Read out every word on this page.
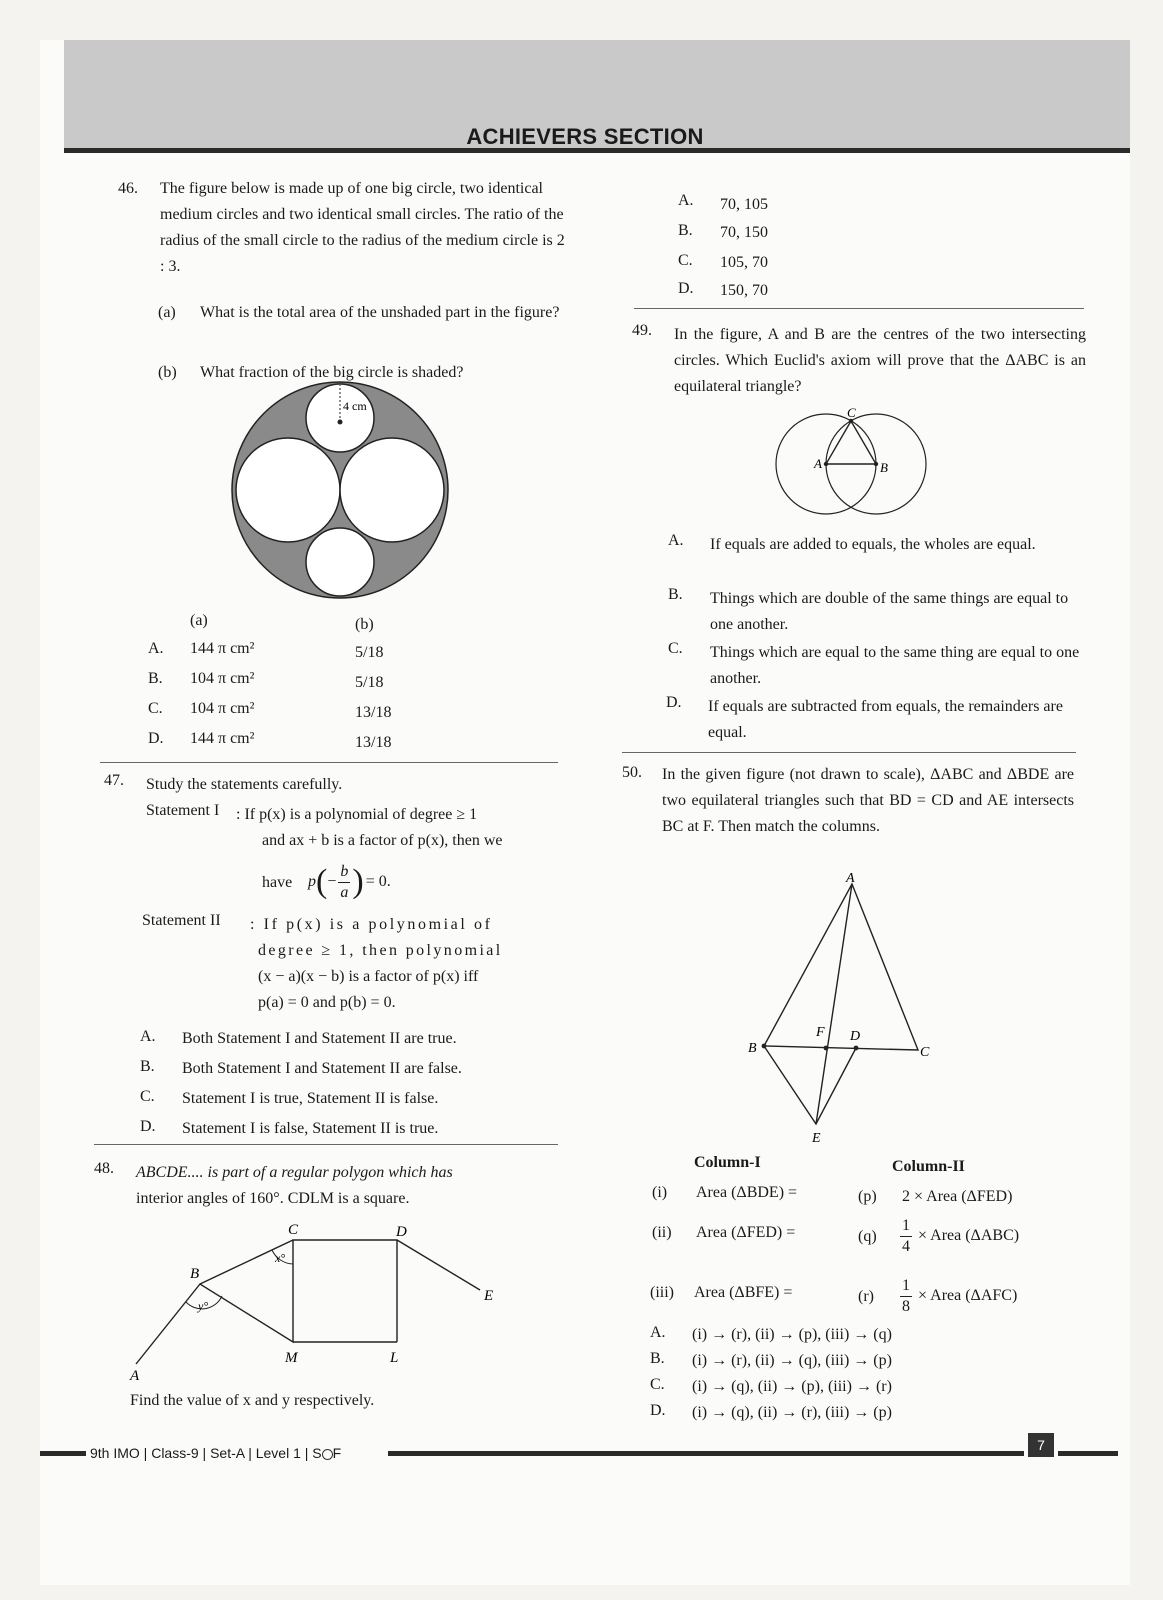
ACHIEVERS SECTION
46. The figure below is made up of one big circle, two identical medium circles and two identical small circles. The ratio of the radius of the small circle to the radius of the medium circle is 2 : 3.
(a) What is the total area of the unshaded part in the figure?
(b) What fraction of the big circle is shaded?
4 cm
(a)	(b)
A. 144 π cm²	5/18
B. 104 π cm²	5/18
C. 104 π cm²	13/18
D. 144 π cm²	13/18
47. Study the statements carefully.
Statement I : If p(x) is a polynomial of degree ≥ 1
and ax + b is a factor of p(x), then we
have p ( − $\frac{b}{a}$ ) = 0.
Statement II : If p(x) is a polynomial of
degree ≥ 1, then polynomial
(x − a)(x − b) is a factor of p(x) iff
p(a) = 0 and p(b) = 0.
A. Both Statement I and Statement II are true.
B. Both Statement I and Statement II are false.
C. Statement I is true, Statement II is false.
D. Statement I is false, Statement II is true.
48. ABCDE.... is part of a regular polygon which has
interior angles of 160°. CDLM is a square.
A
B
C	D
E
M	L
x°
y°
Find the value of x and y respectively.
A. 70, 105
B. 70, 150
C. 105, 70
D. 150, 70
49. In the figure, A and B are the centres of the two intersecting circles. Which Euclid's axiom will prove that the ΔABC is an equilateral triangle?
A	B
C
A. If equals are added to equals, the wholes are equal.
B. Things which are double of the same things are equal to one another.
C. Things which are equal to the same thing are equal to one another.
D. If equals are subtracted from equals, the remainders are equal.
50. In the given figure (not drawn to scale), ΔABC and ΔBDE are two equilateral triangles such that BD = CD and AE intersects BC at F. Then match the columns.
A
B	C
D
E
F
Column-I	Column-II
(i) Area (ΔBDE) =	(p) 2 × Area (ΔFED)
(ii) Area (ΔFED) =	$(q) \frac{1}{4}$ × Area (ΔABC)
(iii) Area (ΔBFE) =	$(r) \frac{1}{8}$ × Area (ΔAFC)
A. (i) → (r), (ii) → (p), (iii) → (q)
B. (i) → (r), (ii) → (q), (iii) → (p)
C. (i) → (q), (ii) → (p), (iii) → (r)
D. (i) → (q), (ii) → (r), (iii) → (p)
9th IMO | Class-9 | Set-A | Level 1 | S F	7
